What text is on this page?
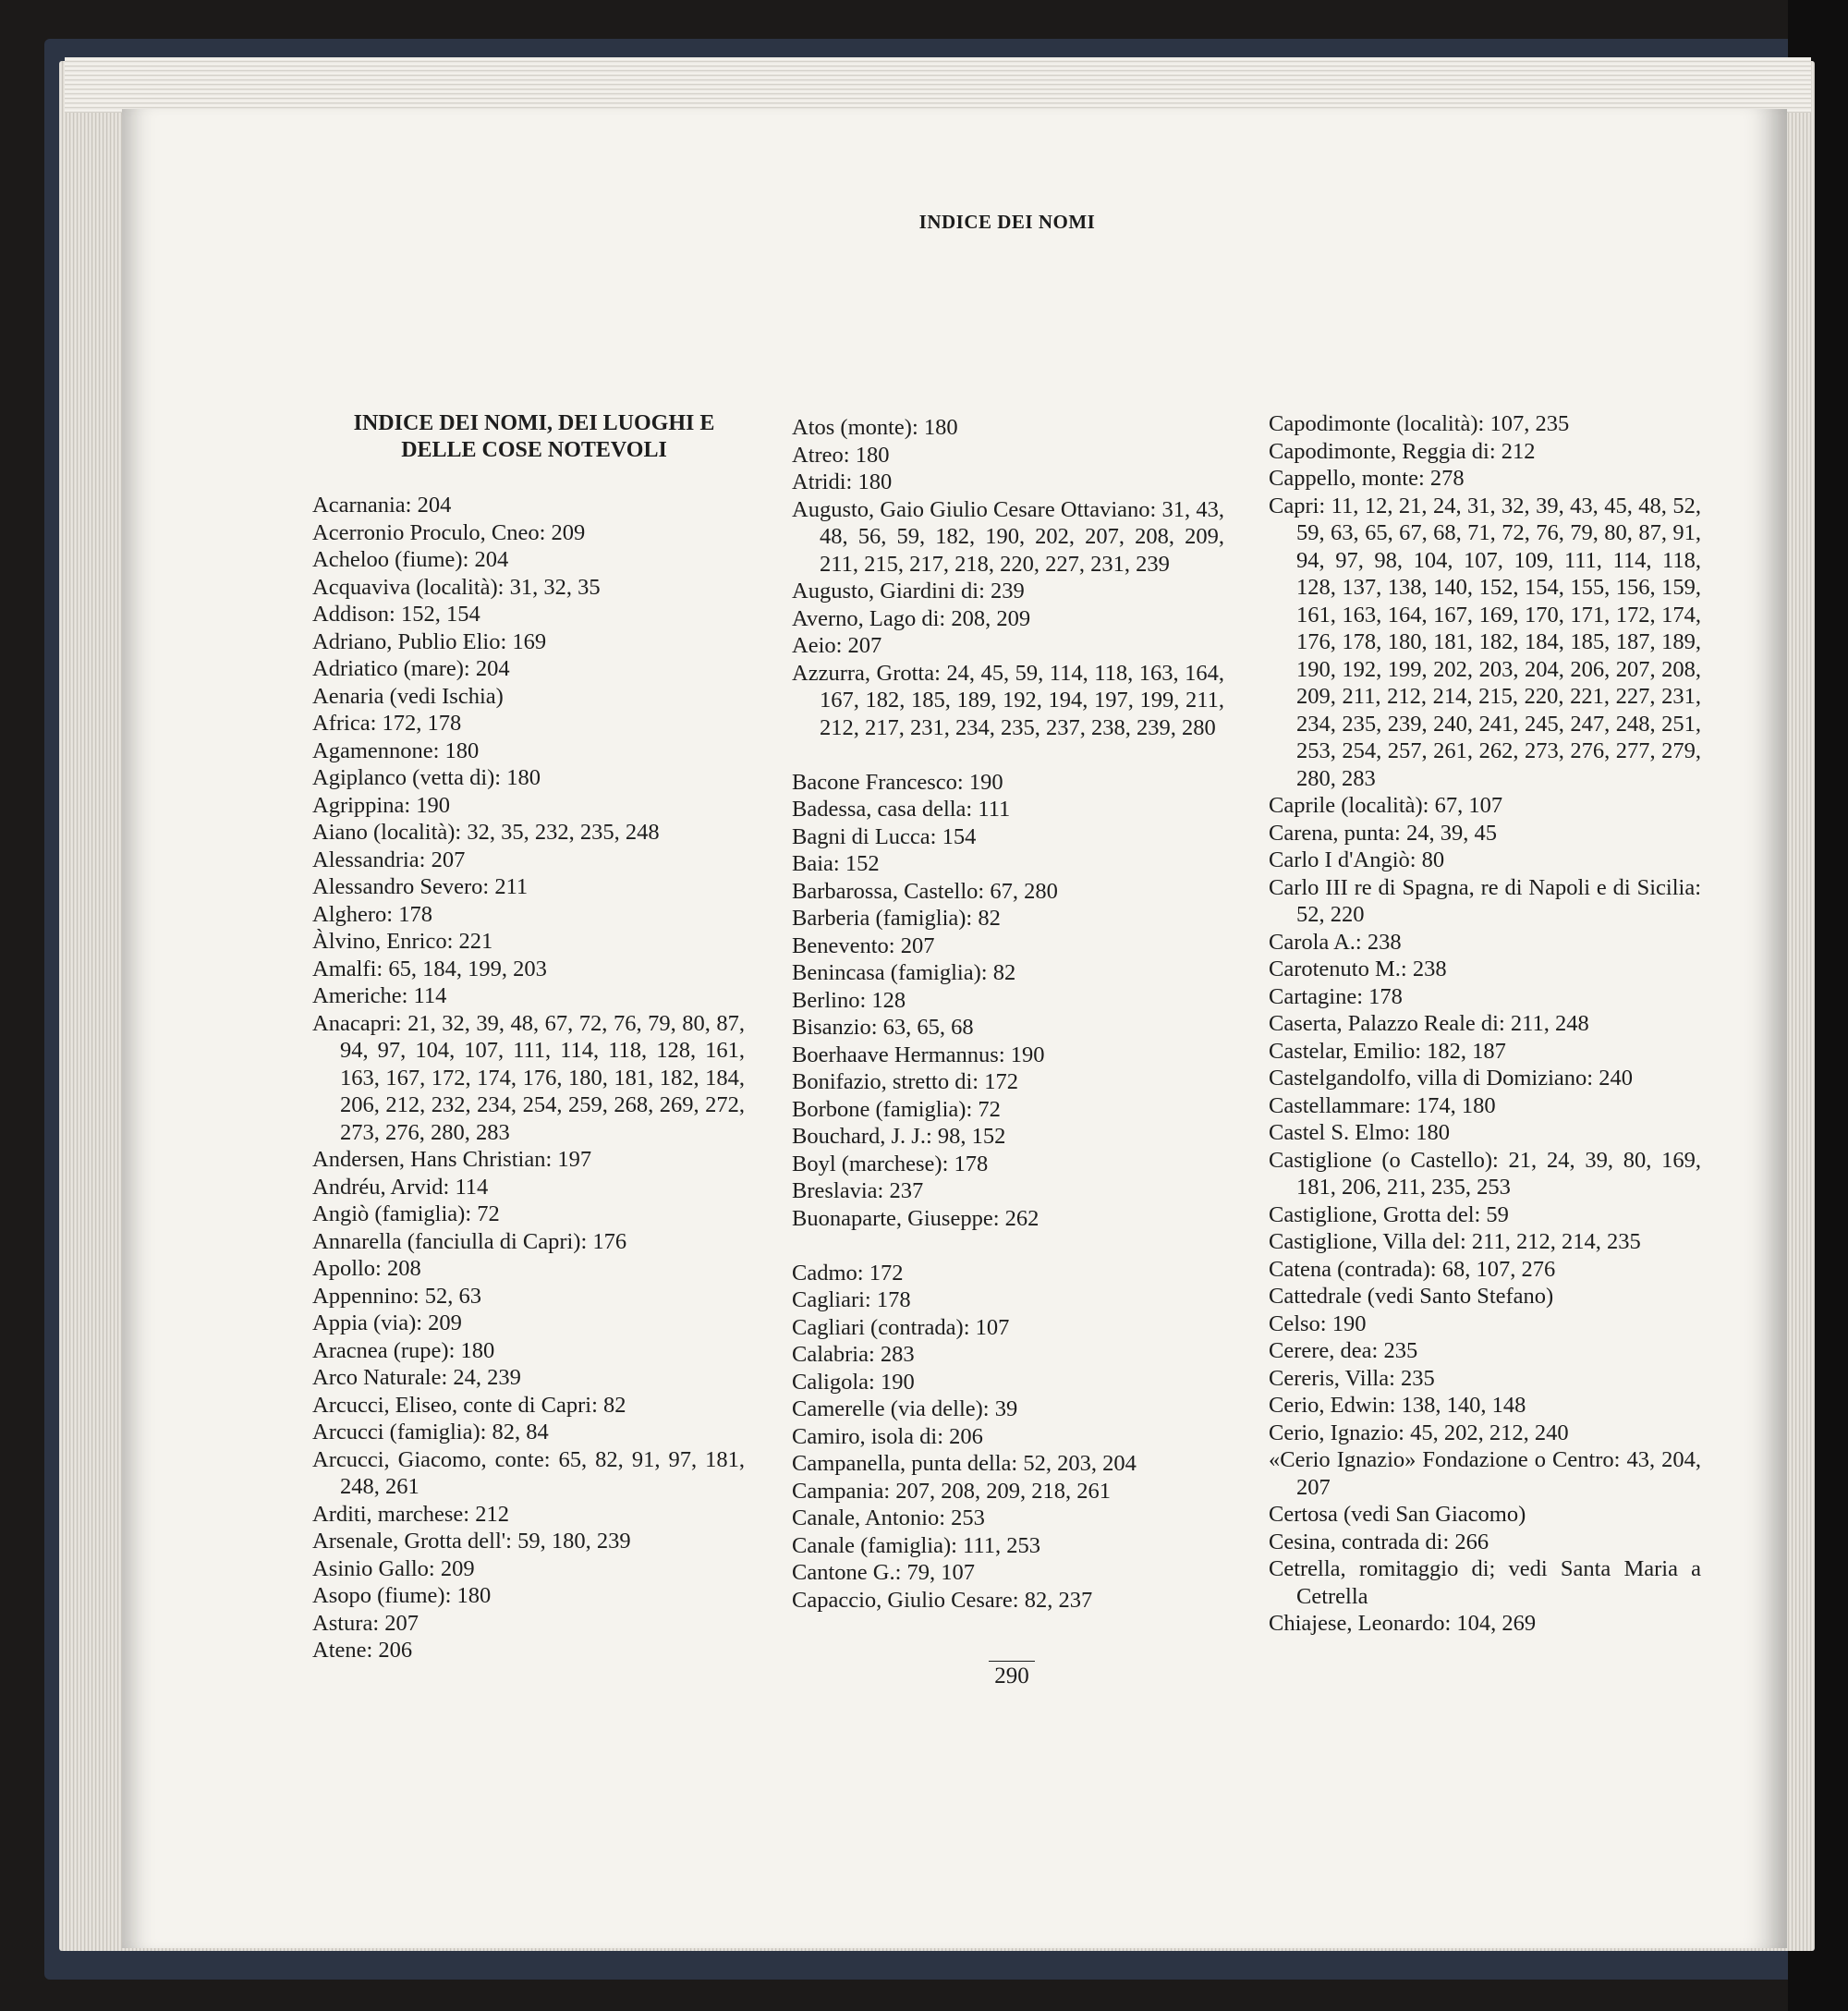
INDICE DEI NOMI
INDICE DEI NOMI, DEI LUOGHI E DELLE COSE NOTEVOLI
Acarnania: 204
Acerronio Proculo, Cneo: 209
Acheloo (fiume): 204
Acquaviva (località): 31, 32, 35
Addison: 152, 154
Adriano, Publio Elio: 169
Adriatico (mare): 204
Aenaria (vedi Ischia)
Africa: 172, 178
Agamennone: 180
Agiplanco (vetta di): 180
Agrippina: 190
Aiano (località): 32, 35, 232, 235, 248
Alessandria: 207
Alessandro Severo: 211
Alghero: 178
Àlvino, Enrico: 221
Amalfi: 65, 184, 199, 203
Americhe: 114
Anacapri: 21, 32, 39, 48, 67, 72, 76, 79, 80, 87, 94, 97, 104, 107, 111, 114, 118, 128, 161, 163, 167, 172, 174, 176, 180, 181, 182, 184, 206, 212, 232, 234, 254, 259, 268, 269, 272, 273, 276, 280, 283
Andersen, Hans Christian: 197
Andréu, Arvid: 114
Angiò (famiglia): 72
Annarella (fanciulla di Capri): 176
Apollo: 208
Appennino: 52, 63
Appia (via): 209
Aracnea (rupe): 180
Arco Naturale: 24, 239
Arcucci, Eliseo, conte di Capri: 82
Arcucci (famiglia): 82, 84
Arcucci, Giacomo, conte: 65, 82, 91, 97, 181, 248, 261
Arditi, marchese: 212
Arsenale, Grotta dell': 59, 180, 239
Asinio Gallo: 209
Asopo (fiume): 180
Astura: 207
Atene: 206
Atos (monte): 180
Atreo: 180
Atridi: 180
Augusto, Gaio Giulio Cesare Ottaviano: 31, 43, 48, 56, 59, 182, 190, 202, 207, 208, 209, 211, 215, 217, 218, 220, 227, 231, 239
Augusto, Giardini di: 239
Averno, Lago di: 208, 209
Aeio: 207
Azzurra, Grotta: 24, 45, 59, 114, 118, 163, 164, 167, 182, 185, 189, 192, 194, 197, 199, 211, 212, 217, 231, 234, 235, 237, 238, 239, 280
Bacone Francesco: 190
Badessa, casa della: 111
Bagni di Lucca: 154
Baia: 152
Barbarossa, Castello: 67, 280
Barberia (famiglia): 82
Benevento: 207
Benincasa (famiglia): 82
Berlino: 128
Bisanzio: 63, 65, 68
Boerhaave Hermannus: 190
Bonifazio, stretto di: 172
Borbone (famiglia): 72
Bouchard, J. J.: 98, 152
Boyl (marchese): 178
Breslavia: 237
Buonaparte, Giuseppe: 262
Cadmo: 172
Cagliari: 178
Cagliari (contrada): 107
Calabria: 283
Caligola: 190
Camerelle (via delle): 39
Camiro, isola di: 206
Campanella, punta della: 52, 203, 204
Campania: 207, 208, 209, 218, 261
Canale, Antonio: 253
Canale (famiglia): 111, 253
Cantone G.: 79, 107
Capaccio, Giulio Cesare: 82, 237
Capodimonte (località): 107, 235
Capodimonte, Reggia di: 212
Cappello, monte: 278
Capri: 11, 12, 21, 24, 31, 32, 39, 43, 45, 48, 52, 59, 63, 65, 67, 68, 71, 72, 76, 79, 80, 87, 91, 94, 97, 98, 104, 107, 109, 111, 114, 118, 128, 137, 138, 140, 152, 154, 155, 156, 159, 161, 163, 164, 167, 169, 170, 171, 172, 174, 176, 178, 180, 181, 182, 184, 185, 187, 189, 190, 192, 199, 202, 203, 204, 206, 207, 208, 209, 211, 212, 214, 215, 220, 221, 227, 231, 234, 235, 239, 240, 241, 245, 247, 248, 251, 253, 254, 257, 261, 262, 273, 276, 277, 279, 280, 283
Caprile (località): 67, 107
Carena, punta: 24, 39, 45
Carlo I d'Angiò: 80
Carlo III re di Spagna, re di Napoli e di Sicilia: 52, 220
Carola A.: 238
Carotenuto M.: 238
Cartagine: 178
Caserta, Palazzo Reale di: 211, 248
Castelar, Emilio: 182, 187
Castelgandolfo, villa di Domiziano: 240
Castellammare: 174, 180
Castel S. Elmo: 180
Castiglione (o Castello): 21, 24, 39, 80, 169, 181, 206, 211, 235, 253
Castiglione, Grotta del: 59
Castiglione, Villa del: 211, 212, 214, 235
Catena (contrada): 68, 107, 276
Cattedrale (vedi Santo Stefano)
Celso: 190
Cerere, dea: 235
Cereris, Villa: 235
Cerio, Edwin: 138, 140, 148
Cerio, Ignazio: 45, 202, 212, 240
«Cerio Ignazio» Fondazione o Centro: 43, 204, 207
Certosa (vedi San Giacomo)
Cesina, contrada di: 266
Cetrella, romitaggio di; vedi Santa Maria a Cetrella
Chiajese, Leonardo: 104, 269
290
